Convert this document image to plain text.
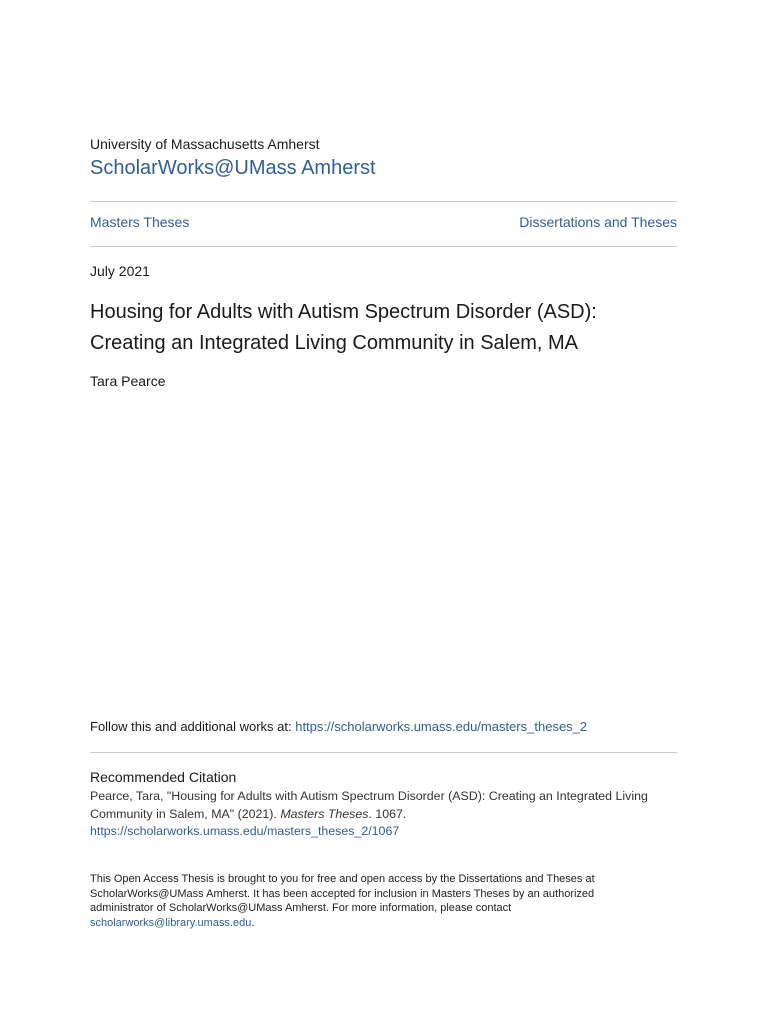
University of Massachusetts Amherst
ScholarWorks@UMass Amherst
Masters Theses	Dissertations and Theses
July 2021
Housing for Adults with Autism Spectrum Disorder (ASD):
Creating an Integrated Living Community in Salem, MA
Tara Pearce
Follow this and additional works at: https://scholarworks.umass.edu/masters_theses_2
Recommended Citation
Pearce, Tara, "Housing for Adults with Autism Spectrum Disorder (ASD): Creating an Integrated Living Community in Salem, MA" (2021). Masters Theses. 1067.
https://scholarworks.umass.edu/masters_theses_2/1067
This Open Access Thesis is brought to you for free and open access by the Dissertations and Theses at ScholarWorks@UMass Amherst. It has been accepted for inclusion in Masters Theses by an authorized administrator of ScholarWorks@UMass Amherst. For more information, please contact scholarworks@library.umass.edu.
